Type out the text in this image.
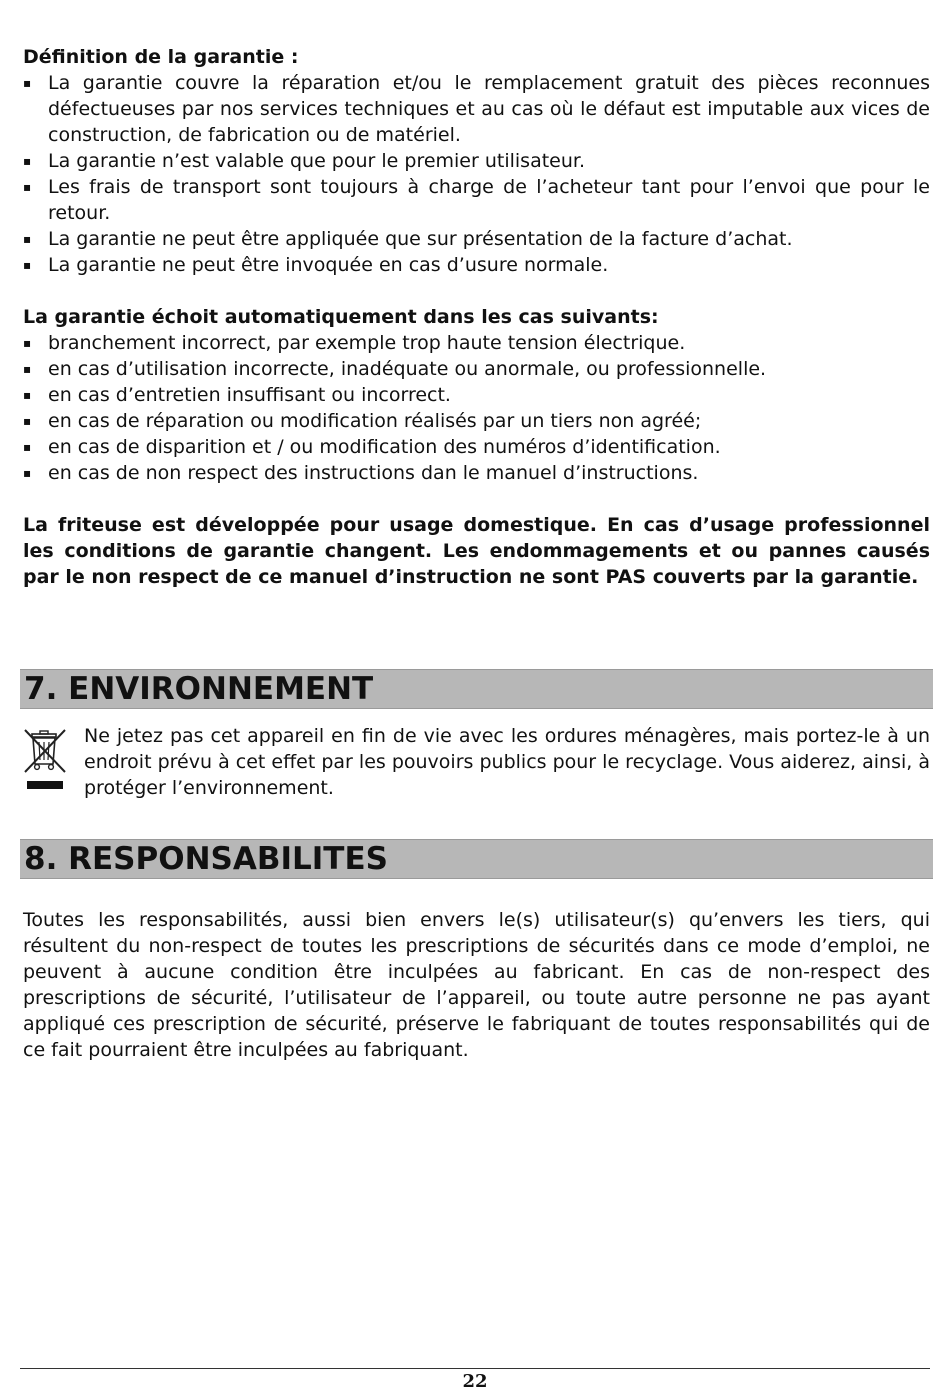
Définition de la garantie :

▪ La garantie couvre la réparation et/ou le remplacement gratuit des pièces reconnues défectueuses par nos services techniques et au cas où le défaut est imputable aux vices de construction, de fabrication ou de matériel.
▪ La garantie n’est valable que pour le premier utilisateur.
▪ Les frais de transport sont toujours à charge de l’acheteur tant pour l’envoi que pour le retour.
▪ La garantie ne peut être appliquée que sur présentation de la facture d’achat.
▪ La garantie ne peut être invoquée en cas d’usure normale.

La garantie échoit automatiquement dans les cas suivants:

▪ branchement incorrect, par exemple trop haute tension électrique.
▪ en cas d’utilisation incorrecte, inadéquate ou anormale, ou professionnelle.
▪ en cas d’entretien insuffisant ou incorrect.
▪ en cas de réparation ou modification réalisés par un tiers non agréé;
▪ en cas de disparition et / ou modification des numéros d’identification.
▪ en cas de non respect des instructions dan le manuel d’instructions.

La friteuse est développée pour usage domestique. En cas d’usage professionnel les conditions de garantie changent. Les endommagements et ou pannes causés par le non respect de ce manuel d’instruction ne sont PAS couverts par la garantie.

7. ENVIRONNEMENT

Ne jetez pas cet appareil en fin de vie avec les ordures ménagères, mais portez-le à un endroit prévu à cet effet par les pouvoirs publics pour le recyclage. Vous aiderez, ainsi, à protéger l’environnement.

8. RESPONSABILITES

Toutes les responsabilités, aussi bien envers le(s) utilisateur(s) qu’envers les tiers, qui résultent du non-respect de toutes les prescriptions de sécurités dans ce mode d’emploi, ne peuvent à aucune condition être inculpées au fabricant. En cas de non-respect des prescriptions de sécurité, l’utilisateur de l’appareil, ou toute autre personne ne pas ayant appliqué ces prescription de sécurité, préserve le fabriquant de toutes responsabilités qui de ce fait pourraient être inculpées au fabriquant.

22
